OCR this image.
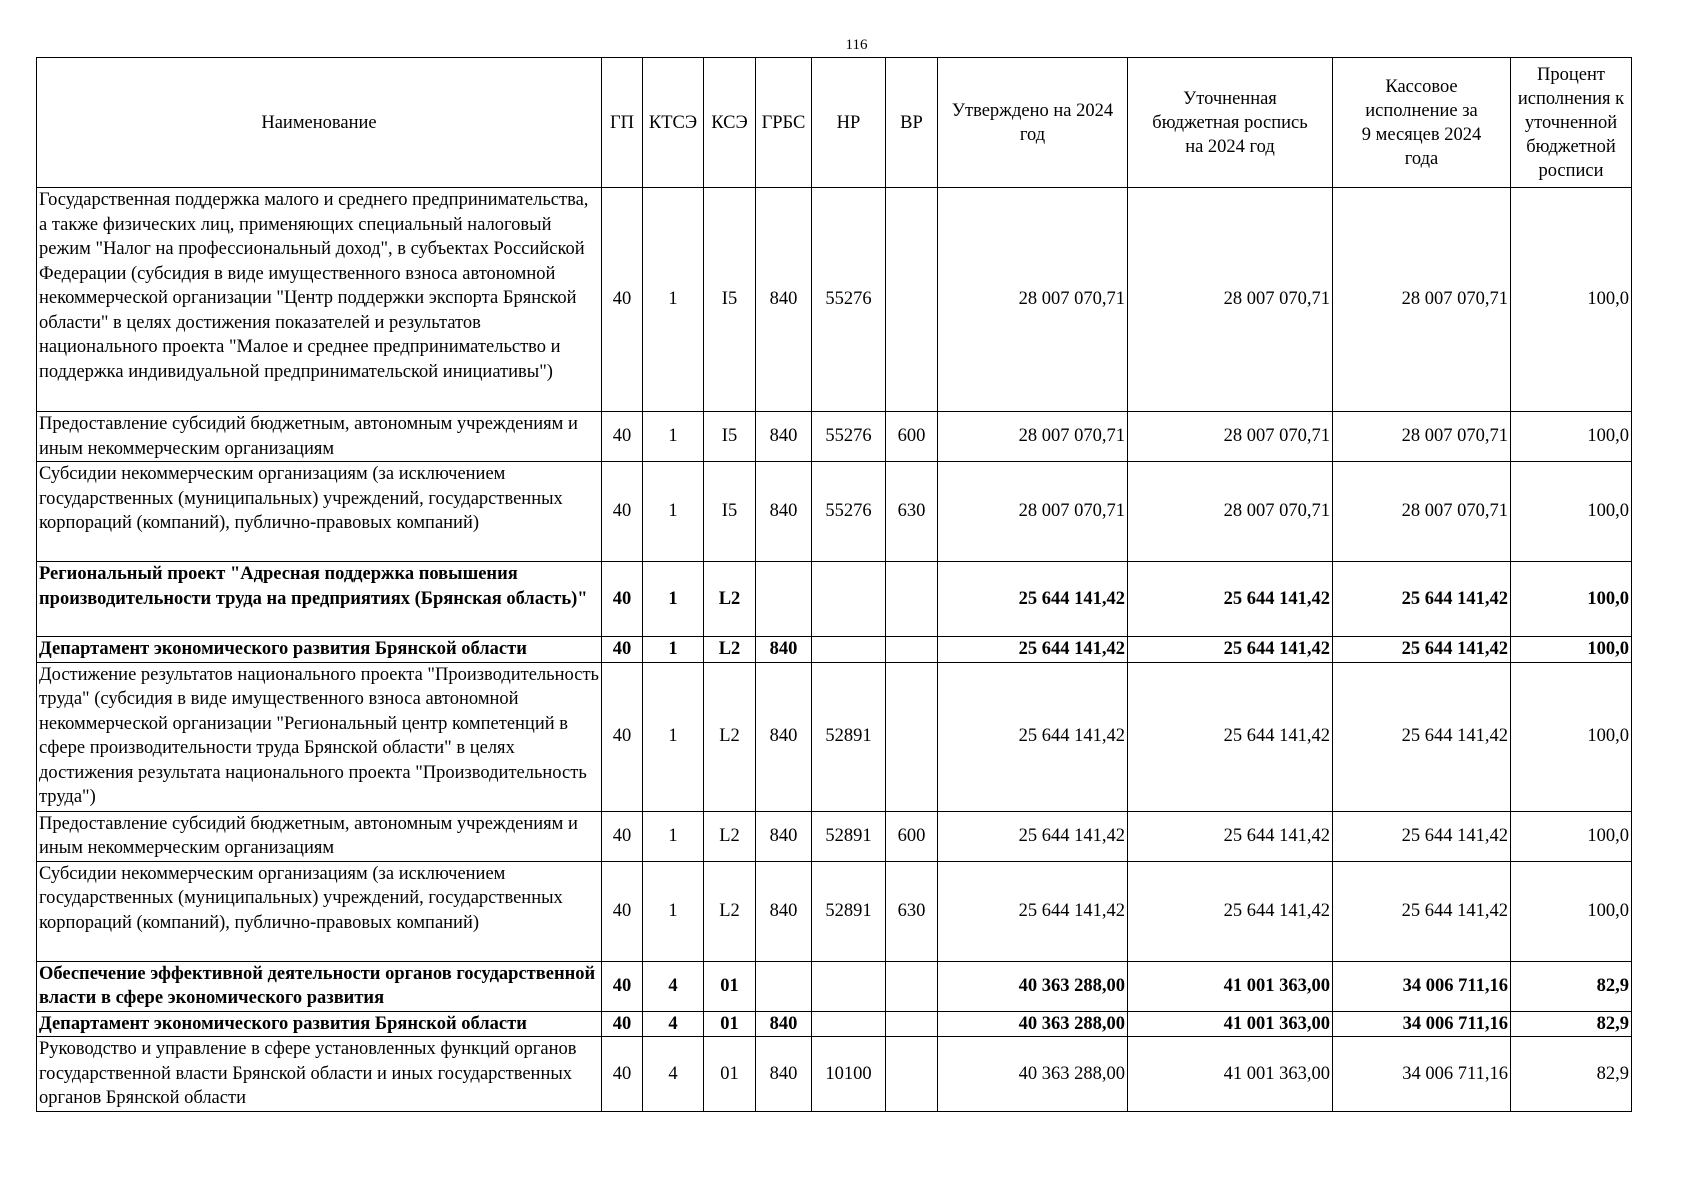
116
Наименование	ГП	КТСЭ	КСЭ	ГРБС	НР	ВР	Утверждено на 2024 год	Уточненная бюджетная роспись на 2024 год	Кассовое исполнение за 9 месяцев 2024 года	Процент исполнения к уточненной бюджетной росписи
Государственная поддержка малого и среднего предпринимательства, а также физических лиц, применяющих специальный налоговый режим "Налог на профессиональный доход", в субъектах Российской Федерации (субсидия в виде имущественного взноса автономной некоммерческой организации "Центр поддержки экспорта Брянской области" в целях достижения показателей и результатов национального проекта "Малое и среднее предпринимательство и поддержка индивидуальной предпринимательской инициативы")	40	1	I5	840	55276		28 007 070,71	28 007 070,71	28 007 070,71	100,0
Предоставление субсидий бюджетным, автономным учреждениям и иным некоммерческим организациям	40	1	I5	840	55276	600	28 007 070,71	28 007 070,71	28 007 070,71	100,0
Субсидии некоммерческим организациям (за исключением государственных (муниципальных) учреждений, государственных корпораций (компаний), публично-правовых компаний)	40	1	I5	840	55276	630	28 007 070,71	28 007 070,71	28 007 070,71	100,0
Региональный проект "Адресная поддержка повышения производительности труда на предприятиях (Брянская область)"	40	1	L2				25 644 141,42	25 644 141,42	25 644 141,42	100,0
Департамент экономического развития Брянской области	40	1	L2	840			25 644 141,42	25 644 141,42	25 644 141,42	100,0
Достижение результатов национального проекта "Производительность труда" (субсидия в виде имущественного взноса автономной некоммерческой организации "Региональный центр компетенций в сфере производительности труда Брянской области" в целях достижения результата национального проекта "Производительность труда")	40	1	L2	840	52891		25 644 141,42	25 644 141,42	25 644 141,42	100,0
Предоставление субсидий бюджетным, автономным учреждениям и иным некоммерческим организациям	40	1	L2	840	52891	600	25 644 141,42	25 644 141,42	25 644 141,42	100,0
Субсидии некоммерческим организациям (за исключением государственных (муниципальных) учреждений, государственных корпораций (компаний), публично-правовых компаний)	40	1	L2	840	52891	630	25 644 141,42	25 644 141,42	25 644 141,42	100,0
Обеспечение эффективной деятельности органов государственной власти в сфере экономического развития	40	4	01				40 363 288,00	41 001 363,00	34 006 711,16	82,9
Департамент экономического развития Брянской области	40	4	01	840			40 363 288,00	41 001 363,00	34 006 711,16	82,9
Руководство и управление в сфере установленных функций органов государственной власти Брянской области и иных государственных органов Брянской области	40	4	01	840	10100		40 363 288,00	41 001 363,00	34 006 711,16	82,9
